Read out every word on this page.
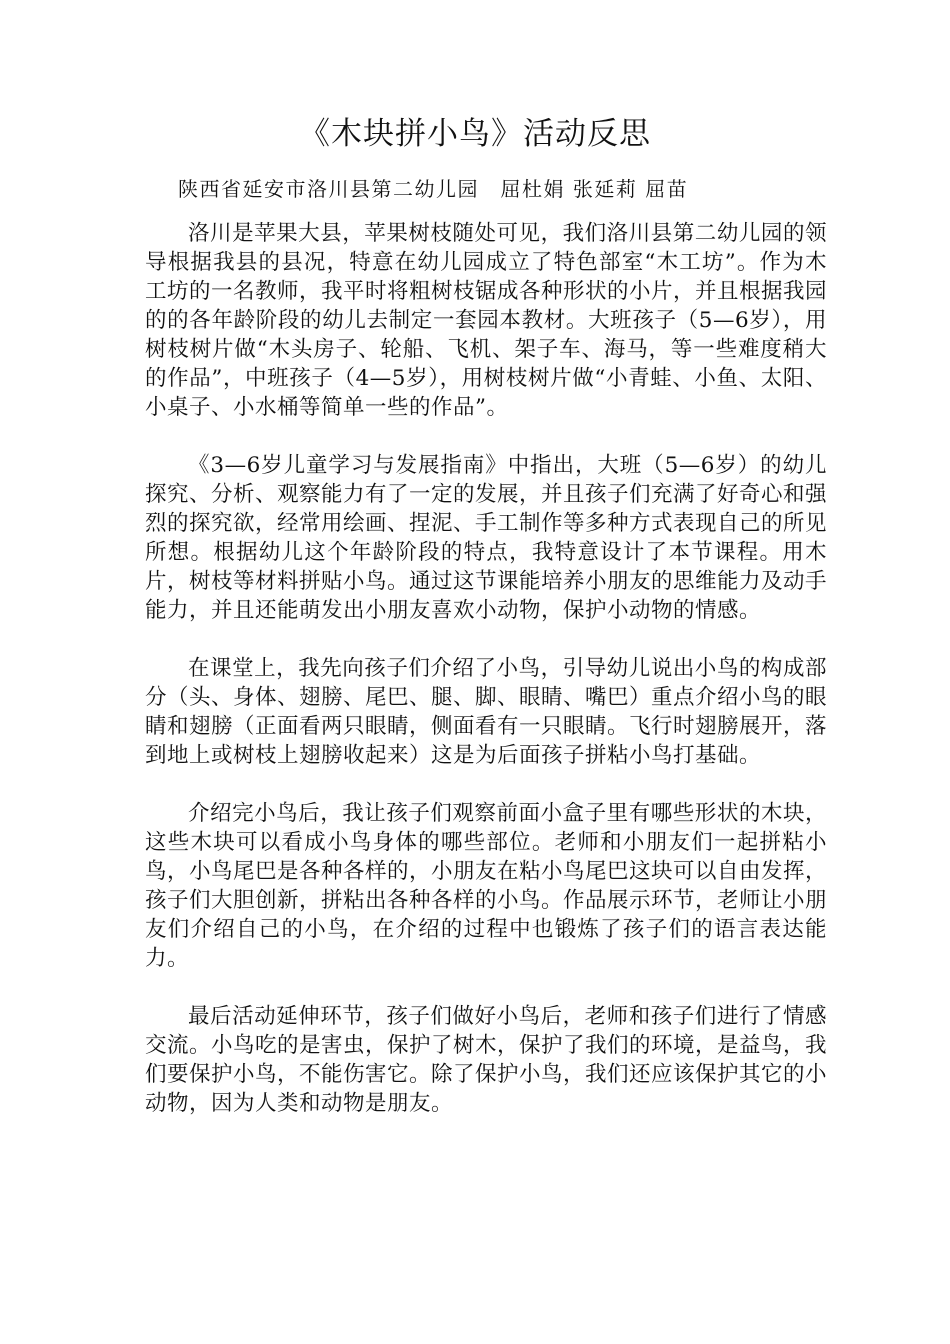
《木块拼小鸟》活动反思

陕西省延安市洛川县第二幼儿园　屈杜娟 张延莉 屈苗

洛川是苹果大县，苹果树枝随处可见，我们洛川县第二幼儿园的领导根据我县的县况，特意在幼儿园成立了特色部室“木工坊”。作为木工坊的一名教师，我平时将粗树枝锯成各种形状的小片，并且根据我园的的各年龄阶段的幼儿去制定一套园本教材。大班孩子（5—6岁），用树枝树片做“木头房子、轮船、飞机、架子车、海马，等一些难度稍大的作品”，中班孩子（4—5岁），用树枝树片做“小青蛙、小鱼、太阳、小桌子、小水桶等简单一些的作品”。

《3—6岁儿童学习与发展指南》中指出，大班（5—6岁）的幼儿探究、分析、观察能力有了一定的发展，并且孩子们充满了好奇心和强烈的探究欲，经常用绘画、捏泥、手工制作等多种方式表现自己的所见所想。根据幼儿这个年龄阶段的特点，我特意设计了本节课程。用木片，树枝等材料拼贴小鸟。通过这节课能培养小朋友的思维能力及动手能力，并且还能萌发出小朋友喜欢小动物，保护小动物的情感。

在课堂上，我先向孩子们介绍了小鸟，引导幼儿说出小鸟的构成部分（头、身体、翅膀、尾巴、腿、脚、眼睛、嘴巴）重点介绍小鸟的眼睛和翅膀（正面看两只眼睛，侧面看有一只眼睛。飞行时翅膀展开，落到地上或树枝上翅膀收起来）这是为后面孩子拼粘小鸟打基础。

介绍完小鸟后，我让孩子们观察前面小盒子里有哪些形状的木块，这些木块可以看成小鸟身体的哪些部位。老师和小朋友们一起拼粘小鸟，小鸟尾巴是各种各样的，小朋友在粘小鸟尾巴这块可以自由发挥，孩子们大胆创新，拼粘出各种各样的小鸟。作品展示环节，老师让小朋友们介绍自己的小鸟，在介绍的过程中也锻炼了孩子们的语言表达能力。

最后活动延伸环节，孩子们做好小鸟后，老师和孩子们进行了情感交流。小鸟吃的是害虫，保护了树木，保护了我们的环境，是益鸟，我们要保护小鸟，不能伤害它。除了保护小鸟，我们还应该保护其它的小动物，因为人类和动物是朋友。
